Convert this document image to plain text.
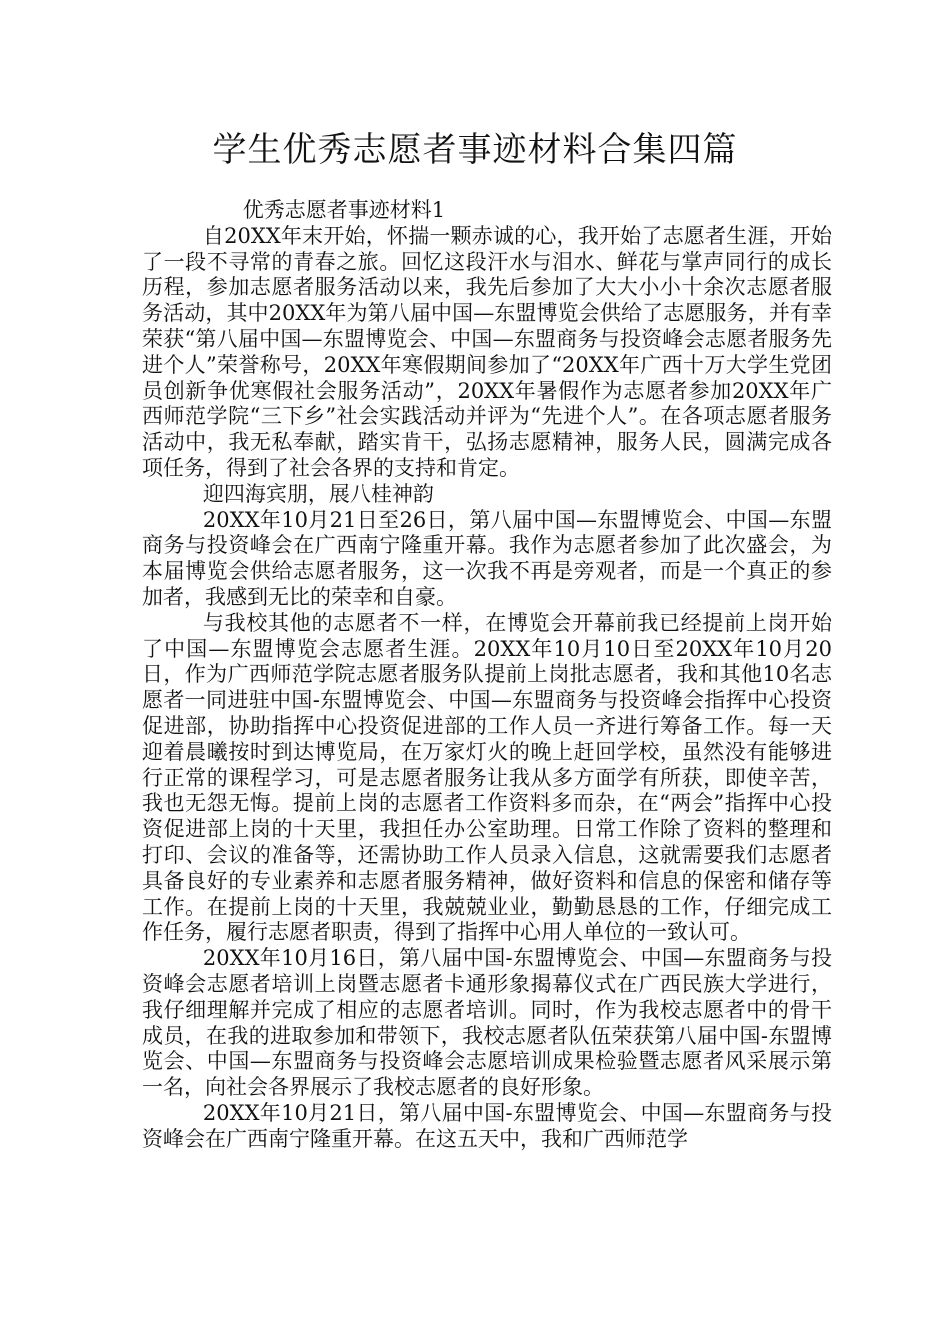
学生优秀志愿者事迹材料合集四篇

优秀志愿者事迹材料1

自20XX年末开始，怀揣一颗赤诚的心，我开始了志愿者生涯，开始了一段不寻常的青春之旅。回忆这段汗水与泪水、鲜花与掌声同行的成长历程，参加志愿者服务活动以来，我先后参加了大大小小十余次志愿者服务活动，其中20XX年为第八届中国—东盟博览会供给了志愿服务，并有幸荣获“第八届中国—东盟博览会、中国—东盟商务与投资峰会志愿者服务先进个人”荣誉称号，20XX年寒假期间参加了“20XX年广西十万大学生党团员创新争优寒假社会服务活动”，20XX年暑假作为志愿者参加20XX年广西师范学院“三下乡”社会实践活动并评为“先进个人”。在各项志愿者服务活动中，我无私奉献，踏实肯干，弘扬志愿精神，服务人民，圆满完成各项任务，得到了社会各界的支持和肯定。

迎四海宾朋，展八桂神韵

20XX年10月21日至26日，第八届中国—东盟博览会、中国—东盟商务与投资峰会在广西南宁隆重开幕。我作为志愿者参加了此次盛会，为本届博览会供给志愿者服务，这一次我不再是旁观者，而是一个真正的参加者，我感到无比的荣幸和自豪。

与我校其他的志愿者不一样，在博览会开幕前我已经提前上岗开始了中国—东盟博览会志愿者生涯。20XX年10月10日至20XX年10月20日，作为广西师范学院志愿者服务队提前上岗批志愿者，我和其他10名志愿者一同进驻中国-东盟博览会、中国—东盟商务与投资峰会指挥中心投资促进部，协助指挥中心投资促进部的工作人员一齐进行筹备工作。每一天迎着晨曦按时到达博览局，在万家灯火的晚上赶回学校，虽然没有能够进行正常的课程学习，可是志愿者服务让我从多方面学有所获，即使辛苦，我也无怨无悔。提前上岗的志愿者工作资料多而杂，在“两会”指挥中心投资促进部上岗的十天里，我担任办公室助理。日常工作除了资料的整理和打印、会议的准备等，还需协助工作人员录入信息，这就需要我们志愿者具备良好的专业素养和志愿者服务精神，做好资料和信息的保密和储存等工作。在提前上岗的十天里，我兢兢业业，勤勤恳恳的工作，仔细完成工作任务，履行志愿者职责，得到了指挥中心用人单位的一致认可。

20XX年10月16日，第八届中国-东盟博览会、中国—东盟商务与投资峰会志愿者培训上岗暨志愿者卡通形象揭幕仪式在广西民族大学进行，我仔细理解并完成了相应的志愿者培训。同时，作为我校志愿者中的骨干成员，在我的进取参加和带领下，我校志愿者队伍荣获第八届中国-东盟博览会、中国—东盟商务与投资峰会志愿培训成果检验暨志愿者风采展示第一名，向社会各界展示了我校志愿者的良好形象。

20XX年10月21日，第八届中国-东盟博览会、中国—东盟商务与投资峰会在广西南宁隆重开幕。在这五天中，我和广西师范学
